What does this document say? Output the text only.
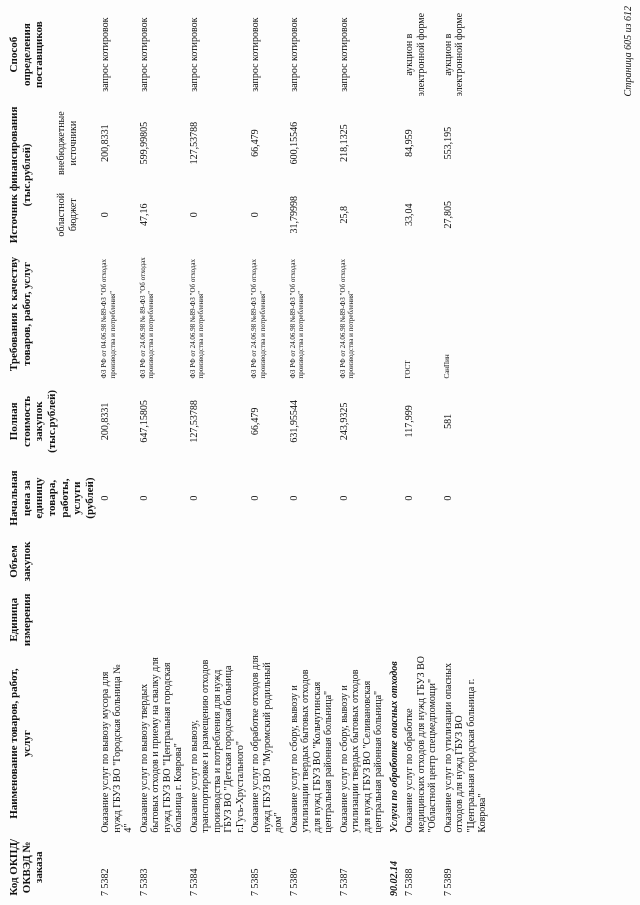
Код ОКПД/ ОКВЭД № заказа	Наименование товаров, работ, услуг	Единица измерения	Объем закупок	Начальная цена за единицу товара, работы, услуги (рублей)	Полная стоимость закупок (тыс.рублей)	Требования к качеству товаров, работ, услуг	Источник финансирования (тыс.рублей)		Способ определения поставщиков
							областной бюджет	внебюджетные источники	
7 5382	Оказание услуг по вывозу мусора для нужд ГБУЗ ВО "Городская больница № 4"			0	200,8331	ФЗ РФ от 04.06.98 №89-ФЗ "Об отходах производства и потребления"	0	200,8331	запрос котировок
7 5383	Оказание услуг по вывозу твердых бытовых отходов и приему на свалку для нужд ГБУЗ ВО "Центральная городская больница г. Коврова"			0	647,15805	ФЗ РФ от 24.06.98 № 89-ФЗ "Об отходах производства и потребления"	47,16	599,99805	запрос котировок
7 5384	Оказание услуг по вывозу, транспортировке и размещению отходов производства и потребления для нужд ГБУЗ ВО "Детская городская больница г.Гусь-Хрустального"			0	127,53788	ФЗ РФ от 24.06.98 №89-ФЗ "Об отходах производства и потребления"	0	127,53788	запрос котировок
7 5385	Оказание услуг по обработке отходов для нужд ГБУЗ ВО "Муромский родильный дом"			0	66,479	ФЗ РФ от 24.06.98 №89-ФЗ "Об отходах производства и потребления"	0	66,479	запрос котировок
7 5386	Оказание услуг по сбору, вывозу и утилизации твердых бытовых отходов для нужд ГБУЗ ВО "Кольчугинская центральная районная больница"			0	631,95544	ФЗ РФ от 24.06.98 №89-ФЗ "Об отходах производства и потребления"	31,79998	600,15546	запрос котировок
7 5387	Оказание услуг по сбору, вывозу и утилизации твердых бытовых отходов для нужд ГБУЗ ВО "Селивановская центральная районная больница"			0	243,9325	ФЗ РФ от 24.06.98 №89-ФЗ "Об отходах производства и потребления"	25,8	218,1325	запрос котировок
90.02.14	Услуги по обработке опасных отходов								
7 5388	Оказание услуг по обработке медицинских отходов для нужд ГБУЗ ВО "Областной центр спецмедпомощи"			0	117,999	ГОСТ	33,04	84,959	аукцион в электронной форме
7 5389	Оказание услуг по утилизации опасных отходов для нужд ГБУЗ ВО "Центральная городская больница г. Коврова"			0	581	СанПин	27,805	553,195	аукцион в электронной форме	Страница 605 из 612
